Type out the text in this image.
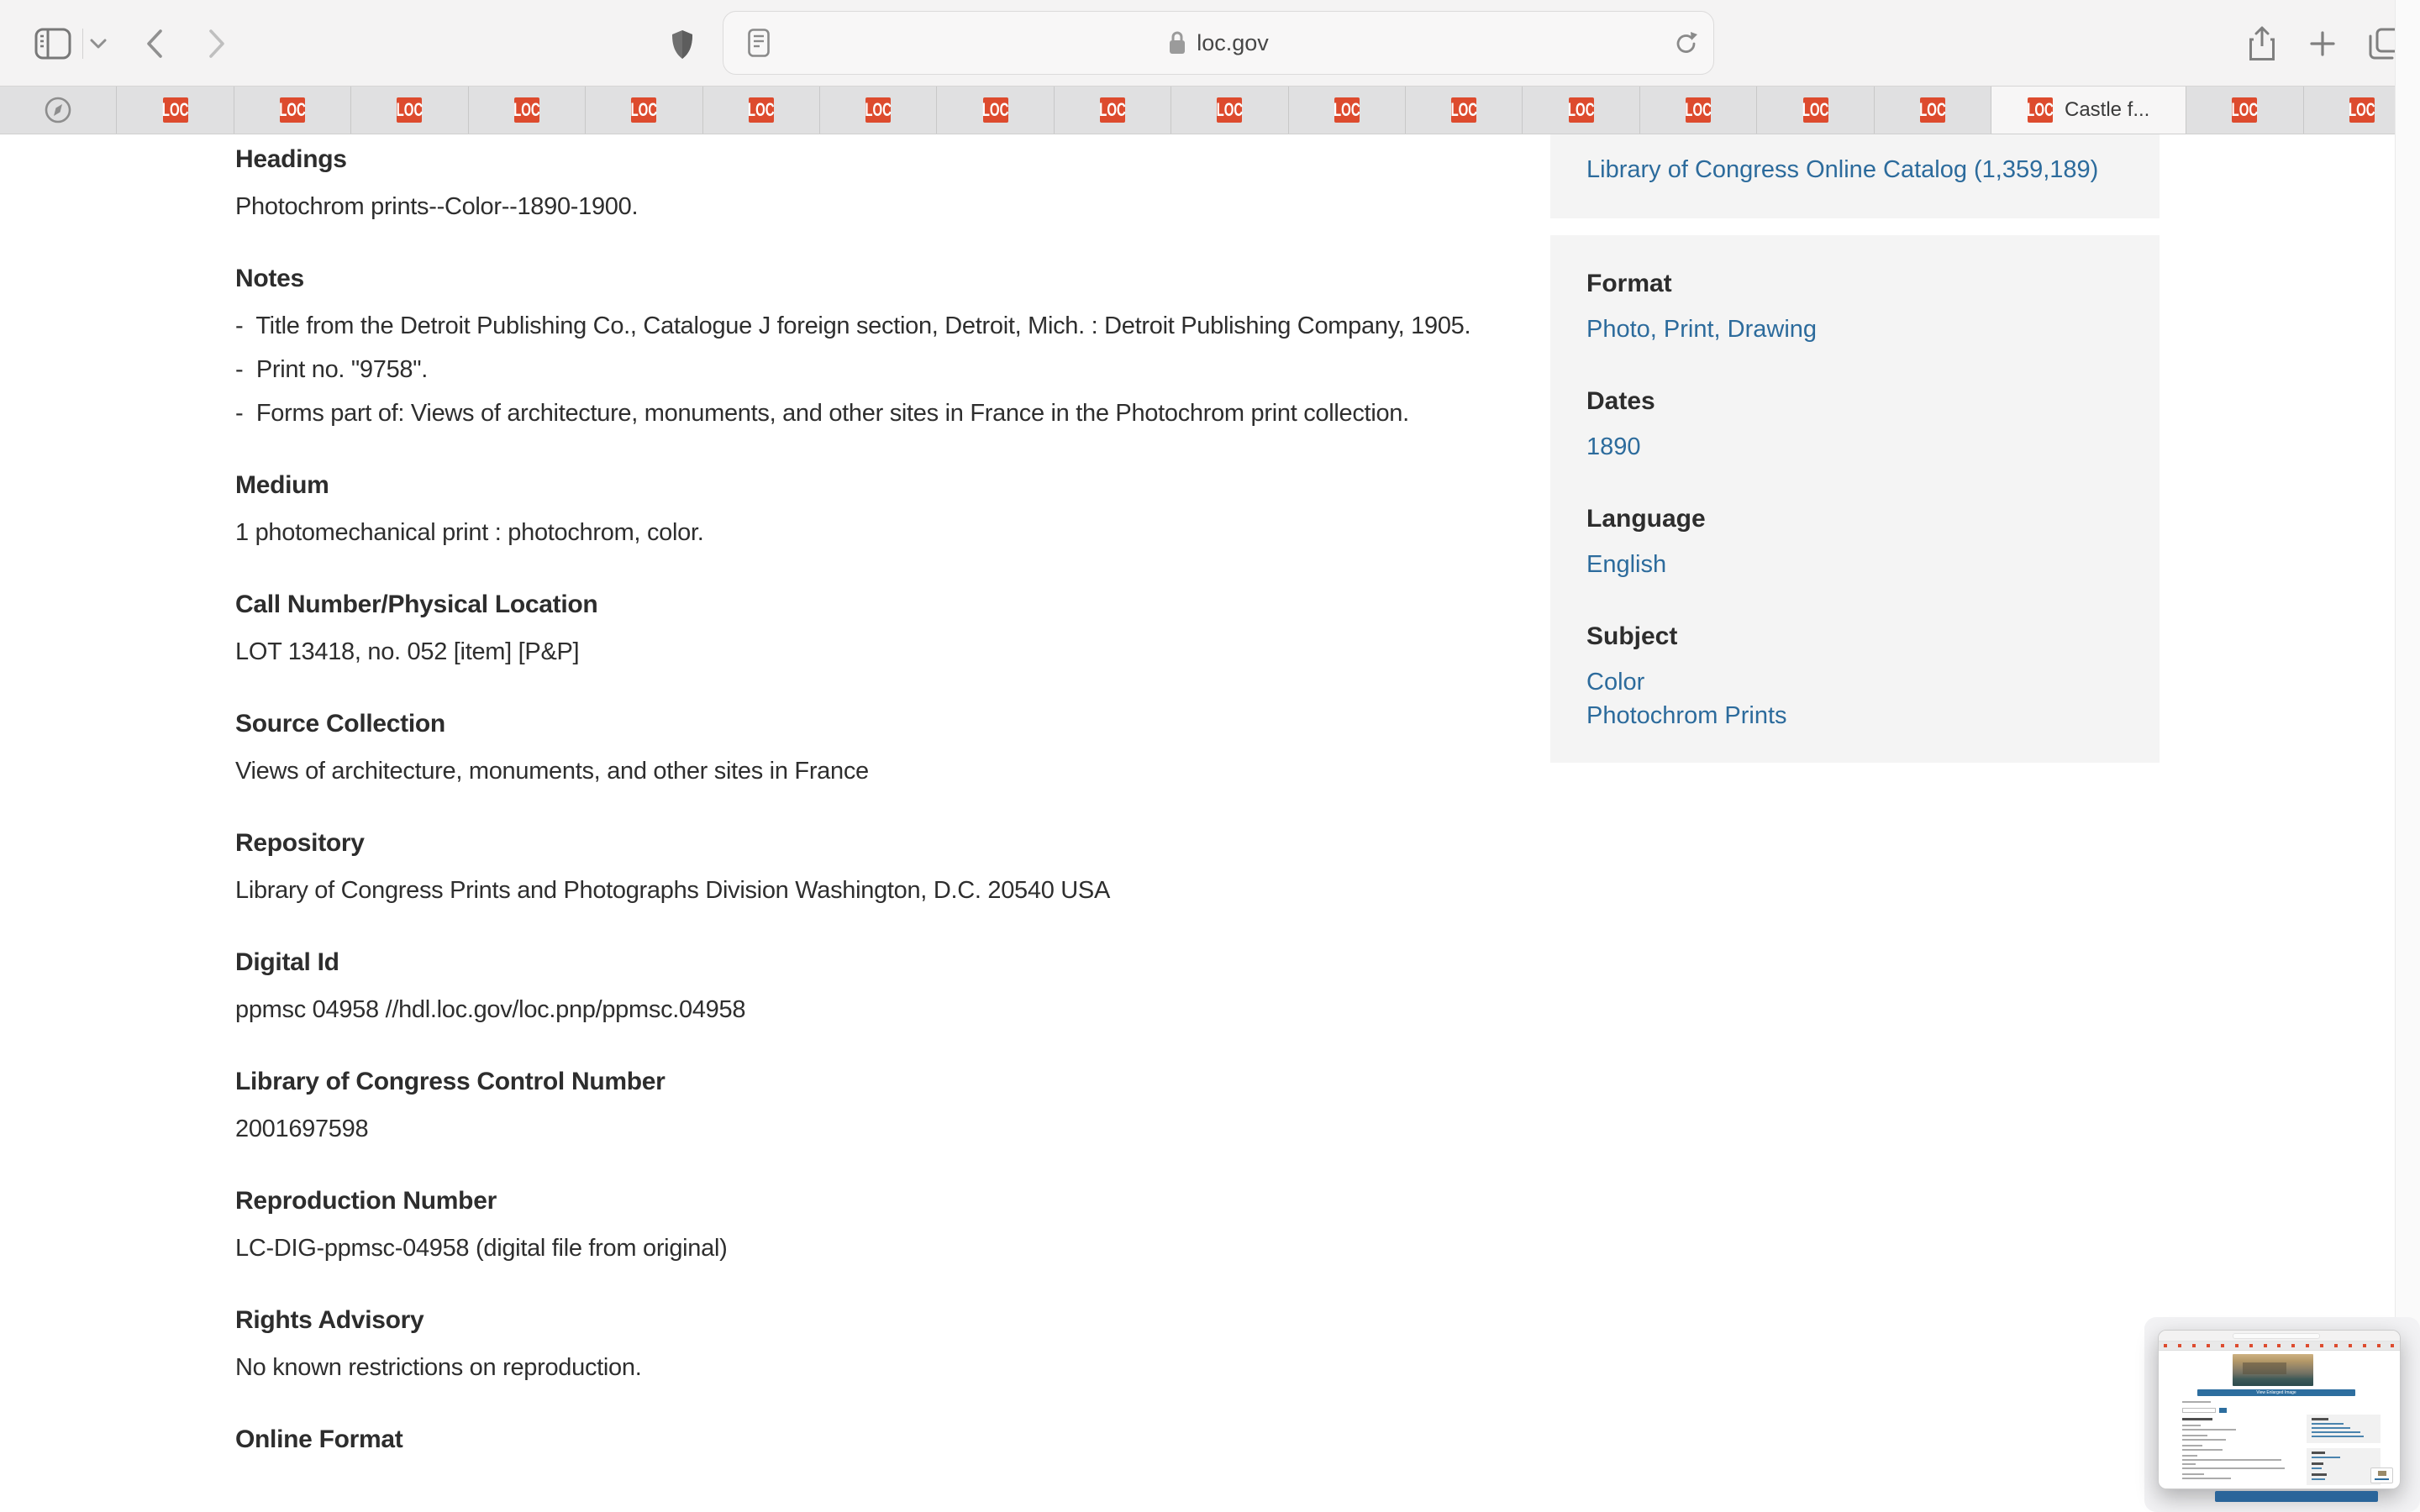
loc.gov
LOC	LOC	LOC	LOC	LOC	LOC	LOC	LOC	LOC	LOC	LOC	LOC	LOC	LOC	LOC	LOC	LOC Castle f...	LOC	LOC
Headings

Photochrom prints--Color--1890-1900.

Notes

-  Title from the Detroit Publishing Co., Catalogue J foreign section, Detroit, Mich. : Detroit Publishing Company, 1905.

-  Print no. "9758".

-  Forms part of: Views of architecture, monuments, and other sites in France in the Photochrom print collection.

Medium

1 photomechanical print : photochrom, color.

Call Number/Physical Location

LOT 13418, no. 052 [item] [P&P]

Source Collection

Views of architecture, monuments, and other sites in France

Repository

Library of Congress Prints and Photographs Division Washington, D.C. 20540 USA

Digital Id

ppmsc 04958 //hdl.loc.gov/loc.pnp/ppmsc.04958

Library of Congress Control Number

2001697598

Reproduction Number

LC-DIG-ppmsc-04958 (digital file from original)

Rights Advisory

No known restrictions on reproduction.

Online Format
Library of Congress Online Catalog (1,359,189)
Format
Photo, Print, Drawing
Dates
1890
Language
English
Subject
Color
Photochrom Prints
View Enlarged Image
